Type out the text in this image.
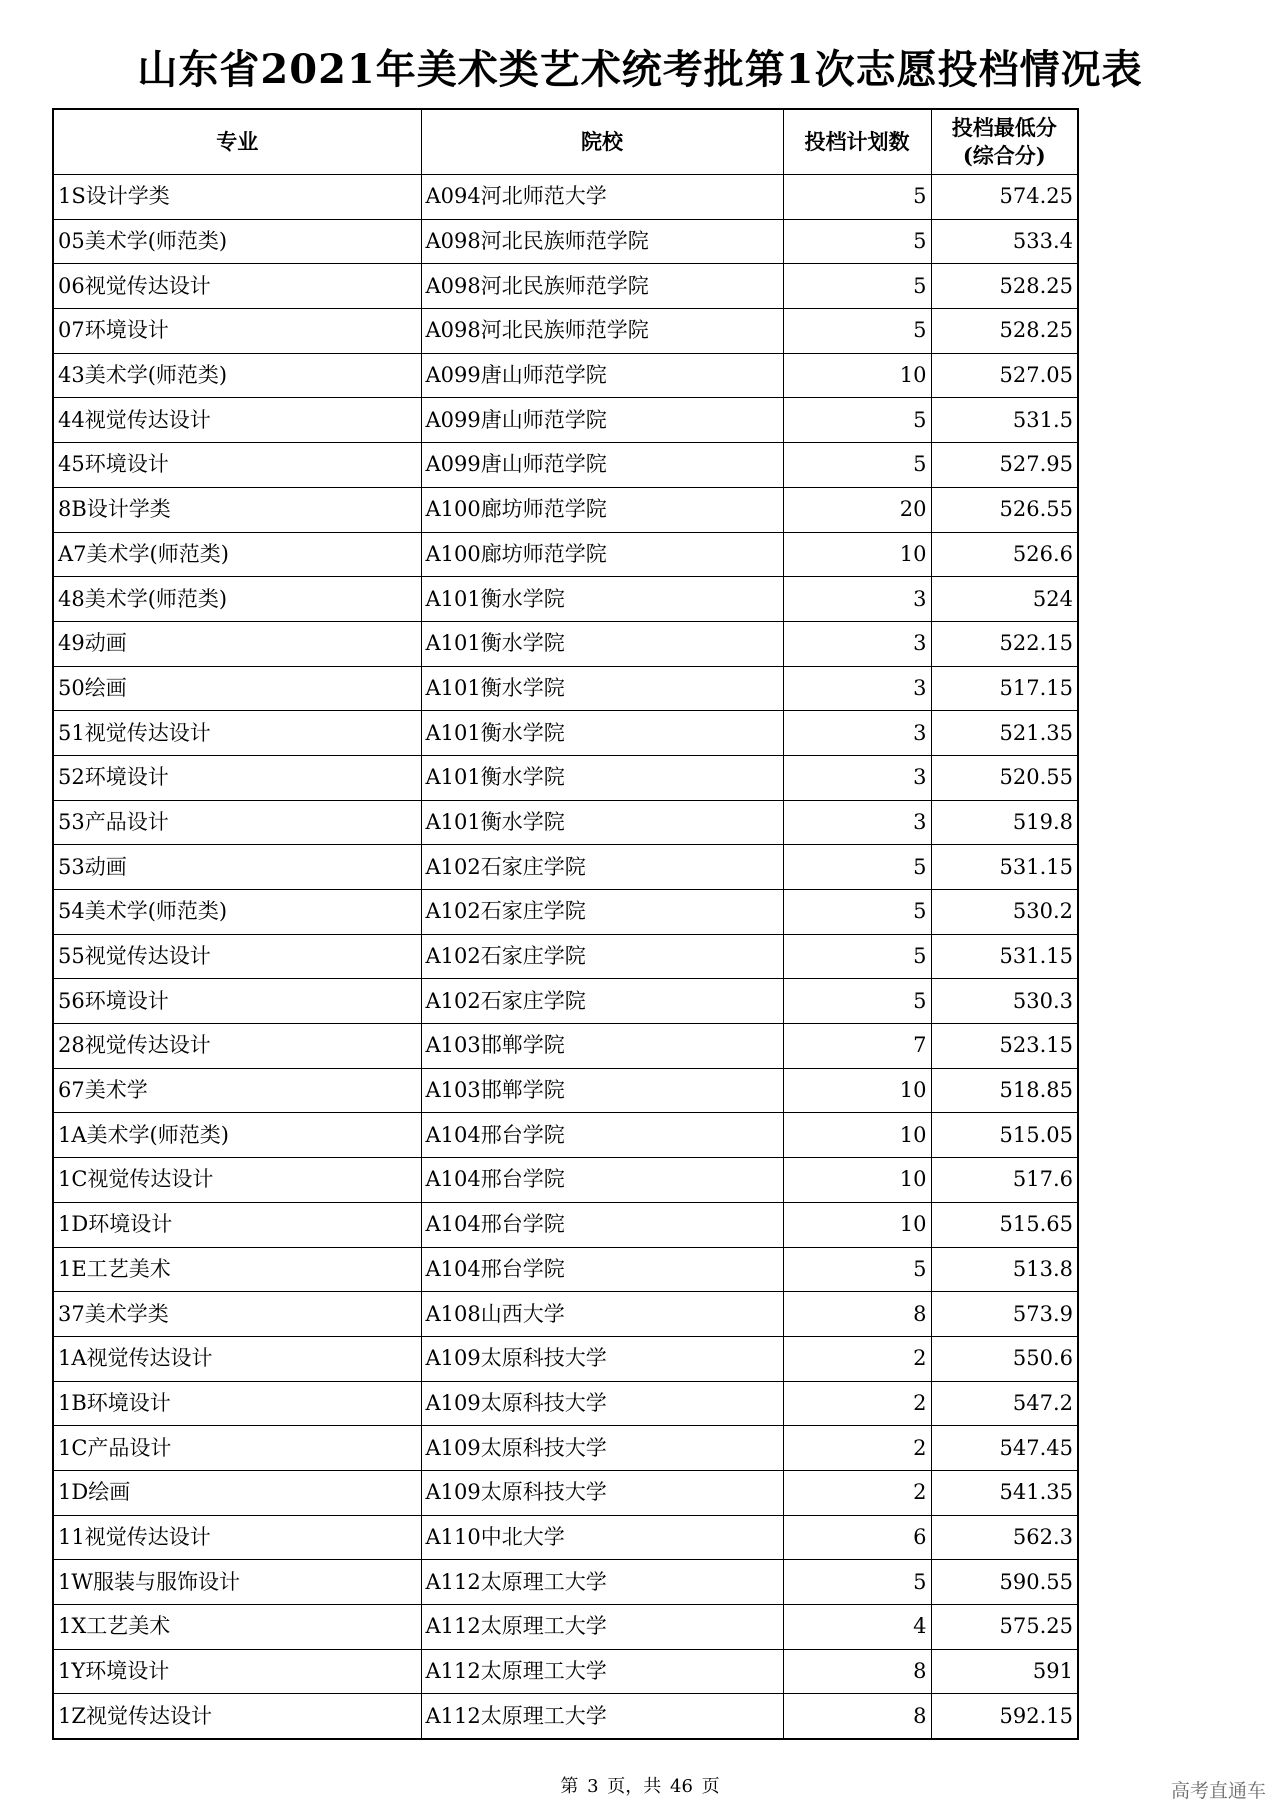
山东省2021年美术类艺术统考批第1次志愿投档情况表
专业	院校	投档计划数	投档最低分
(综合分)
1S设计学类	A094河北师范大学	5	574.25
05美术学(师范类)	A098河北民族师范学院	5	533.4
06视觉传达设计	A098河北民族师范学院	5	528.25
07环境设计	A098河北民族师范学院	5	528.25
43美术学(师范类)	A099唐山师范学院	10	527.05
44视觉传达设计	A099唐山师范学院	5	531.5
45环境设计	A099唐山师范学院	5	527.95
8B设计学类	A100廊坊师范学院	20	526.55
A7美术学(师范类)	A100廊坊师范学院	10	526.6
48美术学(师范类)	A101衡水学院	3	524
49动画	A101衡水学院	3	522.15
50绘画	A101衡水学院	3	517.15
51视觉传达设计	A101衡水学院	3	521.35
52环境设计	A101衡水学院	3	520.55
53产品设计	A101衡水学院	3	519.8
53动画	A102石家庄学院	5	531.15
54美术学(师范类)	A102石家庄学院	5	530.2
55视觉传达设计	A102石家庄学院	5	531.15
56环境设计	A102石家庄学院	5	530.3
28视觉传达设计	A103邯郸学院	7	523.15
67美术学	A103邯郸学院	10	518.85
1A美术学(师范类)	A104邢台学院	10	515.05
1C视觉传达设计	A104邢台学院	10	517.6
1D环境设计	A104邢台学院	10	515.65
1E工艺美术	A104邢台学院	5	513.8
37美术学类	A108山西大学	8	573.9
1A视觉传达设计	A109太原科技大学	2	550.6
1B环境设计	A109太原科技大学	2	547.2
1C产品设计	A109太原科技大学	2	547.45
1D绘画	A109太原科技大学	2	541.35
11视觉传达设计	A110中北大学	6	562.3
1W服装与服饰设计	A112太原理工大学	5	590.55
1X工艺美术	A112太原理工大学	4	575.25
1Y环境设计	A112太原理工大学	8	591
1Z视觉传达设计	A112太原理工大学	8	592.15
第 3 页，共 46 页	高考直通车
